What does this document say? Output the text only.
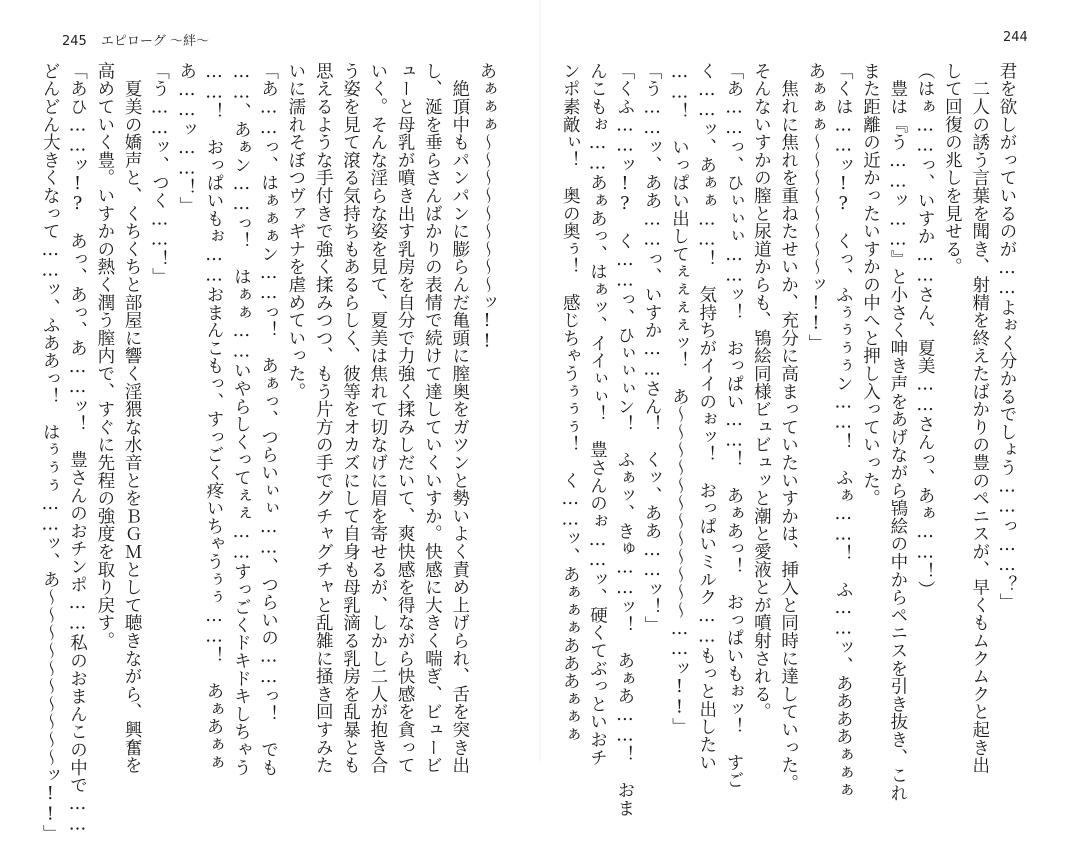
245 エピローグ 〜絆〜	244
君を欲しがっているのが……よぉく分かるでしょう……っ……？」
　二人の誘う言葉を聞き、射精を終えたばかりの豊のペニスが、早くもムクムクと起き出
して回復の兆しを見せる。
（はぁ……っ、いすか……さん、夏美……さんっ、あぁ……！）
　豊は『う……ッ……』と小さく呻き声をあげながら鴇絵の中からペニスを引き抜き、これ
また距離の近かったいすかの中へと押し入っていった。
「くは……ッ!?　くっ、ふぅぅぅぅン……！　ふぁ……！　ふ……ッ、ああああぁぁぁ
あぁぁぁ〜〜〜〜〜〜〜〜ッ!!」
　焦れに焦れを重ねたせいか、充分に高まっていたいすかは、挿入と同時に達していった。
そんないすかの膣と尿道からも、鴇絵同様ビュビュッと潮と愛液とが噴射される。
「あ……っ、ひぃぃぃ……ッ！　おっぱい……！　あぁあっ！　おっぱいもぉッ！　すご
く……ッ、あぁぁ……！　気持ちがイイのぉッ！　おっぱいミルク……もっと出したい
……！　いっぱい出してぇぇぇぇッ！　あ〜〜〜〜〜〜〜〜〜〜〜〜……ッ!!」
「う……ッ、ああ……っ、いすか……さん！　くッ、ああ……ッ！」
「くふ……ッ!?　く……っ、ひぃぃぃン！　ふぁッ、きゅ……ッ！　あぁあ……！　おま
んこもぉ……あぁあっ、はぁッ、イイぃぃ！　豊さんのぉ……ッ、硬くてぶっといおチ
ンポ素敵ぃ！　奥の奥ぅ！　感じちゃうぅぅぅ！　く……ッ、あぁぁぁあああぁぁぁ
あぁぁぁ〜〜〜〜〜〜〜〜〜ッ!!
　絶頂中もパンパンに膨らんだ亀頭に膣奥をガツンと勢いよく責め上げられ、舌を突き出
し、涎を垂らさんばかりの表情で続けて達していくいすか。快感に大きく喘ぎ、ビュービ
ューと母乳が噴き出す乳房を自分で力強く揉みしだいて、爽快感を得ながら快感を貪って
いく。そんな淫らな姿を見て、夏美は焦れて切なげに眉を寄せるが、しかし二人が抱き合
う姿を見て滾る気持ちもあるらしく、彼等をオカズにして自身も母乳滴る乳房を乱暴とも
思えるような手付きで強く揉みつつ、もう片方の手でグチャグチャと乱雑に掻き回すみた
いに濡れそぼつヴァギナを虐めていった。
「あ……っ、はぁぁぁン……っ！　あぁっ、つらいぃぃ……、つらいの……っ！　でも
……、あぁン……っ！　はぁぁ……いやらしくってぇぇ……すっごくドキドキしちゃう
……！　おっぱいもぉ……おまんこもっ、すっごく疼いちゃうぅぅ……！　あぁあぁぁ
あ……ッ……！」
「う……ッ、つく……！」
　夏美の嬌声と、くちくちと部屋に響く淫猥な水音とをＢＧＭとして聴きながら、興奮を
高めていく豊。いすかの熱く潤う膣内で、すぐに先程の強度を取り戻す。
「あひ……ッ!?　あっ、あっ、あ……ッ！　豊さんのおチンポ……私のおまんこの中で……
どんどん大きくなって……ッ、ふああっ！　はぅぅぅ……ッ、あ〜〜〜〜〜〜〜〜〜〜ッ!!」
